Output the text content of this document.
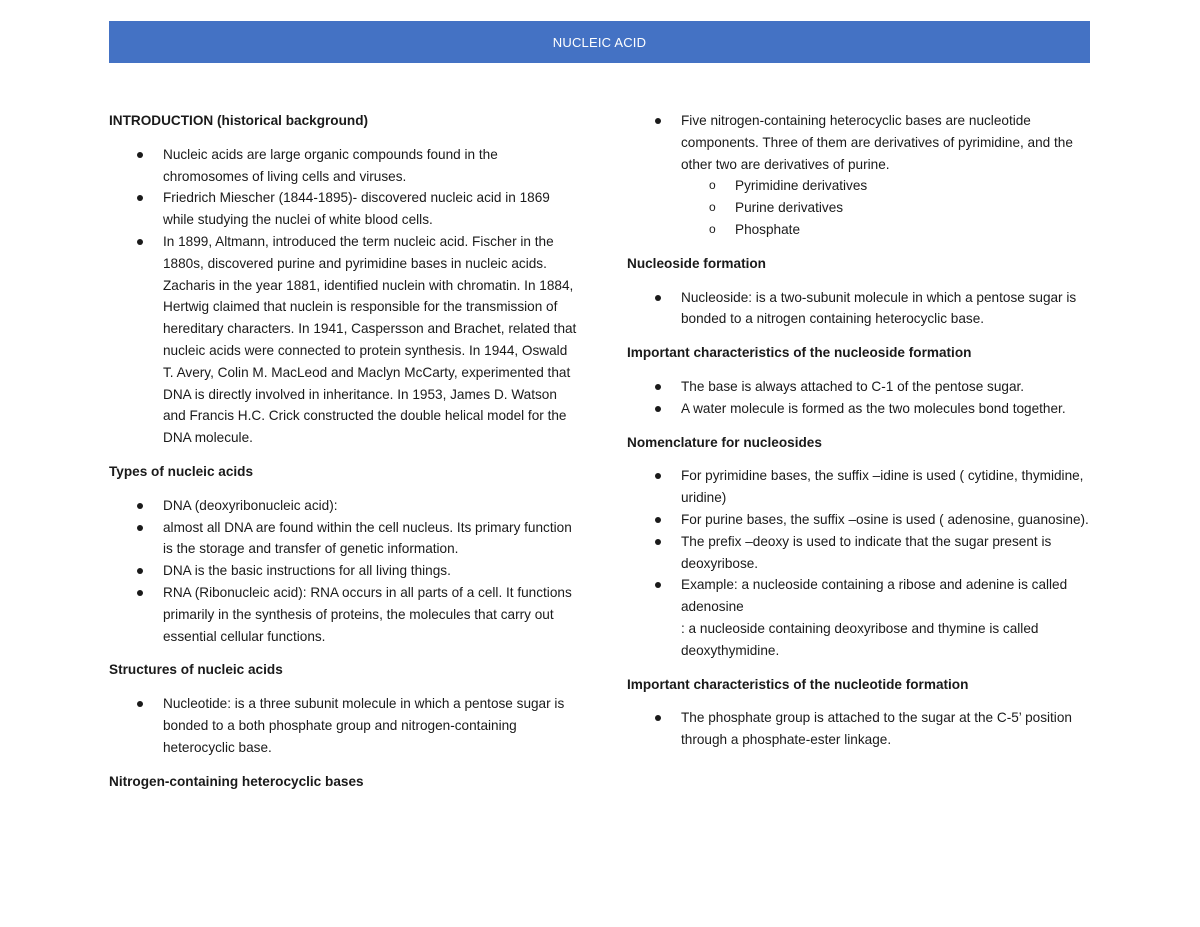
NUCLEIC ACID
INTRODUCTION (historical background)
Nucleic acids are large organic compounds found in the chromosomes of living cells and viruses.
Friedrich Miescher (1844-1895)- discovered nucleic acid in 1869 while studying the nuclei of white blood cells.
In 1899, Altmann, introduced the term nucleic acid. Fischer in the 1880s, discovered purine and pyrimidine bases in nucleic acids. Zacharis in the year 1881, identified nuclein with chromatin. In 1884, Hertwig claimed that nuclein is responsible for the transmission of hereditary characters. In 1941, Caspersson and Brachet, related that nucleic acids were connected to protein synthesis. In 1944, Oswald T. Avery, Colin M. MacLeod and Maclyn McCarty, experimented that DNA is directly involved in inheritance. In 1953, James D. Watson and Francis H.C. Crick constructed the double helical model for the DNA molecule.
Types of nucleic acids
DNA (deoxyribonucleic acid):
almost all DNA are found within the cell nucleus. Its primary function is the storage and transfer of genetic information.
DNA is the basic instructions for all living things.
RNA (Ribonucleic acid): RNA occurs in all parts of a cell. It functions primarily in the synthesis of proteins, the molecules that carry out essential cellular functions.
Structures of nucleic acids
Nucleotide: is a three subunit molecule in which a pentose sugar is bonded to a both phosphate group and nitrogen-containing heterocyclic base.
Nitrogen-containing heterocyclic bases
Five nitrogen-containing heterocyclic bases are nucleotide components. Three of them are derivatives of pyrimidine, and the other two are derivatives of purine.
o Pyrimidine derivatives
o Purine derivatives
o Phosphate
Nucleoside formation
Nucleoside: is a two-subunit molecule in which a pentose sugar is bonded to a nitrogen containing heterocyclic base.
Important characteristics of the nucleoside formation
The base is always attached to C-1 of the pentose sugar.
A water molecule is formed as the two molecules bond together.
Nomenclature for nucleosides
For pyrimidine bases, the suffix –idine is used ( cytidine, thymidine, uridine)
For purine bases, the suffix –osine is used ( adenosine, guanosine).
The prefix –deoxy is used to indicate that the sugar present is deoxyribose.
Example: a nucleoside containing a ribose and adenine is called adenosine
: a nucleoside containing deoxyribose and thymine is called deoxythymidine.
Important characteristics of the nucleotide formation
The phosphate group is attached to the sugar at the C-5’ position through a phosphate-ester linkage.
